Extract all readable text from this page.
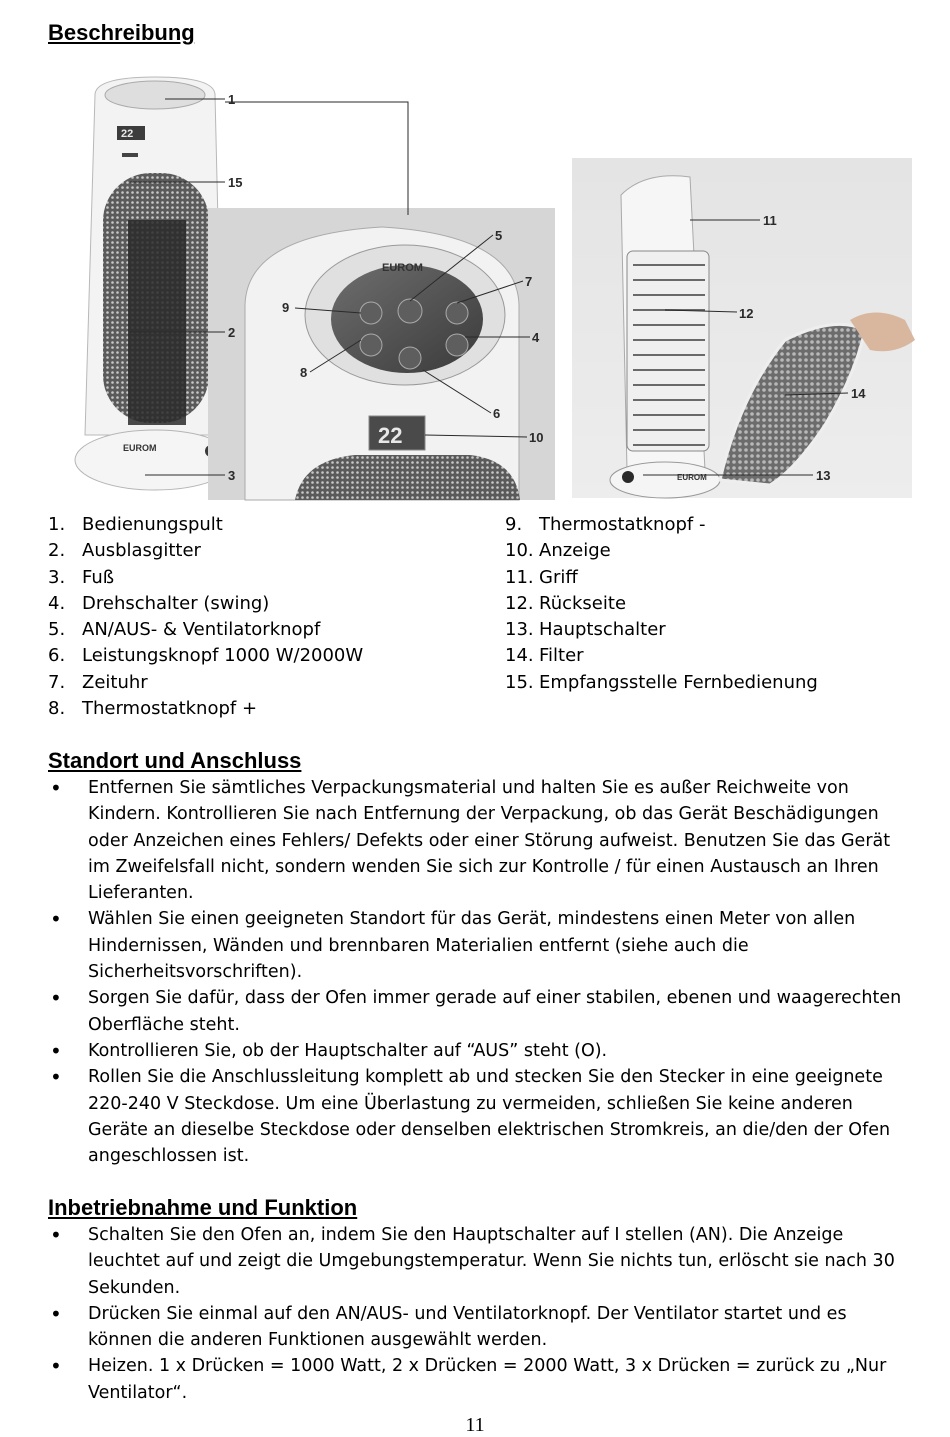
Beschreibung
22
EUROM
EUROM
22
EUROM
1
2
3
4
5
6
7
8
9
10
11
12
13
14
15
1. Bedienungspult
2. Ausblasgitter
3. Fuß
4. Drehschalter (swing)
5. AN/AUS- & Ventilatorknopf
6. Leistungsknopf 1000 W/2000W
7. Zeituhr
8. Thermostatknopf +
9. Thermostatknopf -
10. Anzeige
11. Griff
12. Rückseite
13. Hauptschalter
14. Filter
15. Empfangsstelle Fernbedienung
Standort und Anschluss
• Entfernen Sie sämtliches Verpackungsmaterial und halten Sie es außer Reichweite von Kindern. Kontrollieren Sie nach Entfernung der Verpackung, ob das Gerät Beschädigungen oder Anzeichen eines Fehlers/ Defekts oder einer Störung aufweist. Benutzen Sie das Gerät im Zweifelsfall nicht, sondern wenden Sie sich zur Kontrolle / für einen Austausch an Ihren Lieferanten.
• Wählen Sie einen geeigneten Standort für das Gerät, mindestens einen Meter von allen Hindernissen, Wänden und brennbaren Materialien entfernt (siehe auch die Sicherheitsvorschriften).
• Sorgen Sie dafür, dass der Ofen immer gerade auf einer stabilen, ebenen und waagerechten Oberfläche steht.
• Kontrollieren Sie, ob der Hauptschalter auf “AUS” steht (O).
• Rollen Sie die Anschlussleitung komplett ab und stecken Sie den Stecker in eine geeignete 220-240 V Steckdose. Um eine Überlastung zu vermeiden, schließen Sie keine anderen Geräte an dieselbe Steckdose oder denselben elektrischen Stromkreis, an die/den der Ofen angeschlossen ist.
Inbetriebnahme und Funktion
• Schalten Sie den Ofen an, indem Sie den Hauptschalter auf I stellen (AN). Die Anzeige leuchtet auf und zeigt die Umgebungstemperatur. Wenn Sie nichts tun, erlöscht sie nach 30 Sekunden.
• Drücken Sie einmal auf den AN/AUS- und Ventilatorknopf. Der Ventilator startet und es können die anderen Funktionen ausgewählt werden.
• Heizen. 1 x Drücken = 1000 Watt, 2 x Drücken = 2000 Watt, 3 x Drücken = zurück zu „Nur Ventilator“.
11
